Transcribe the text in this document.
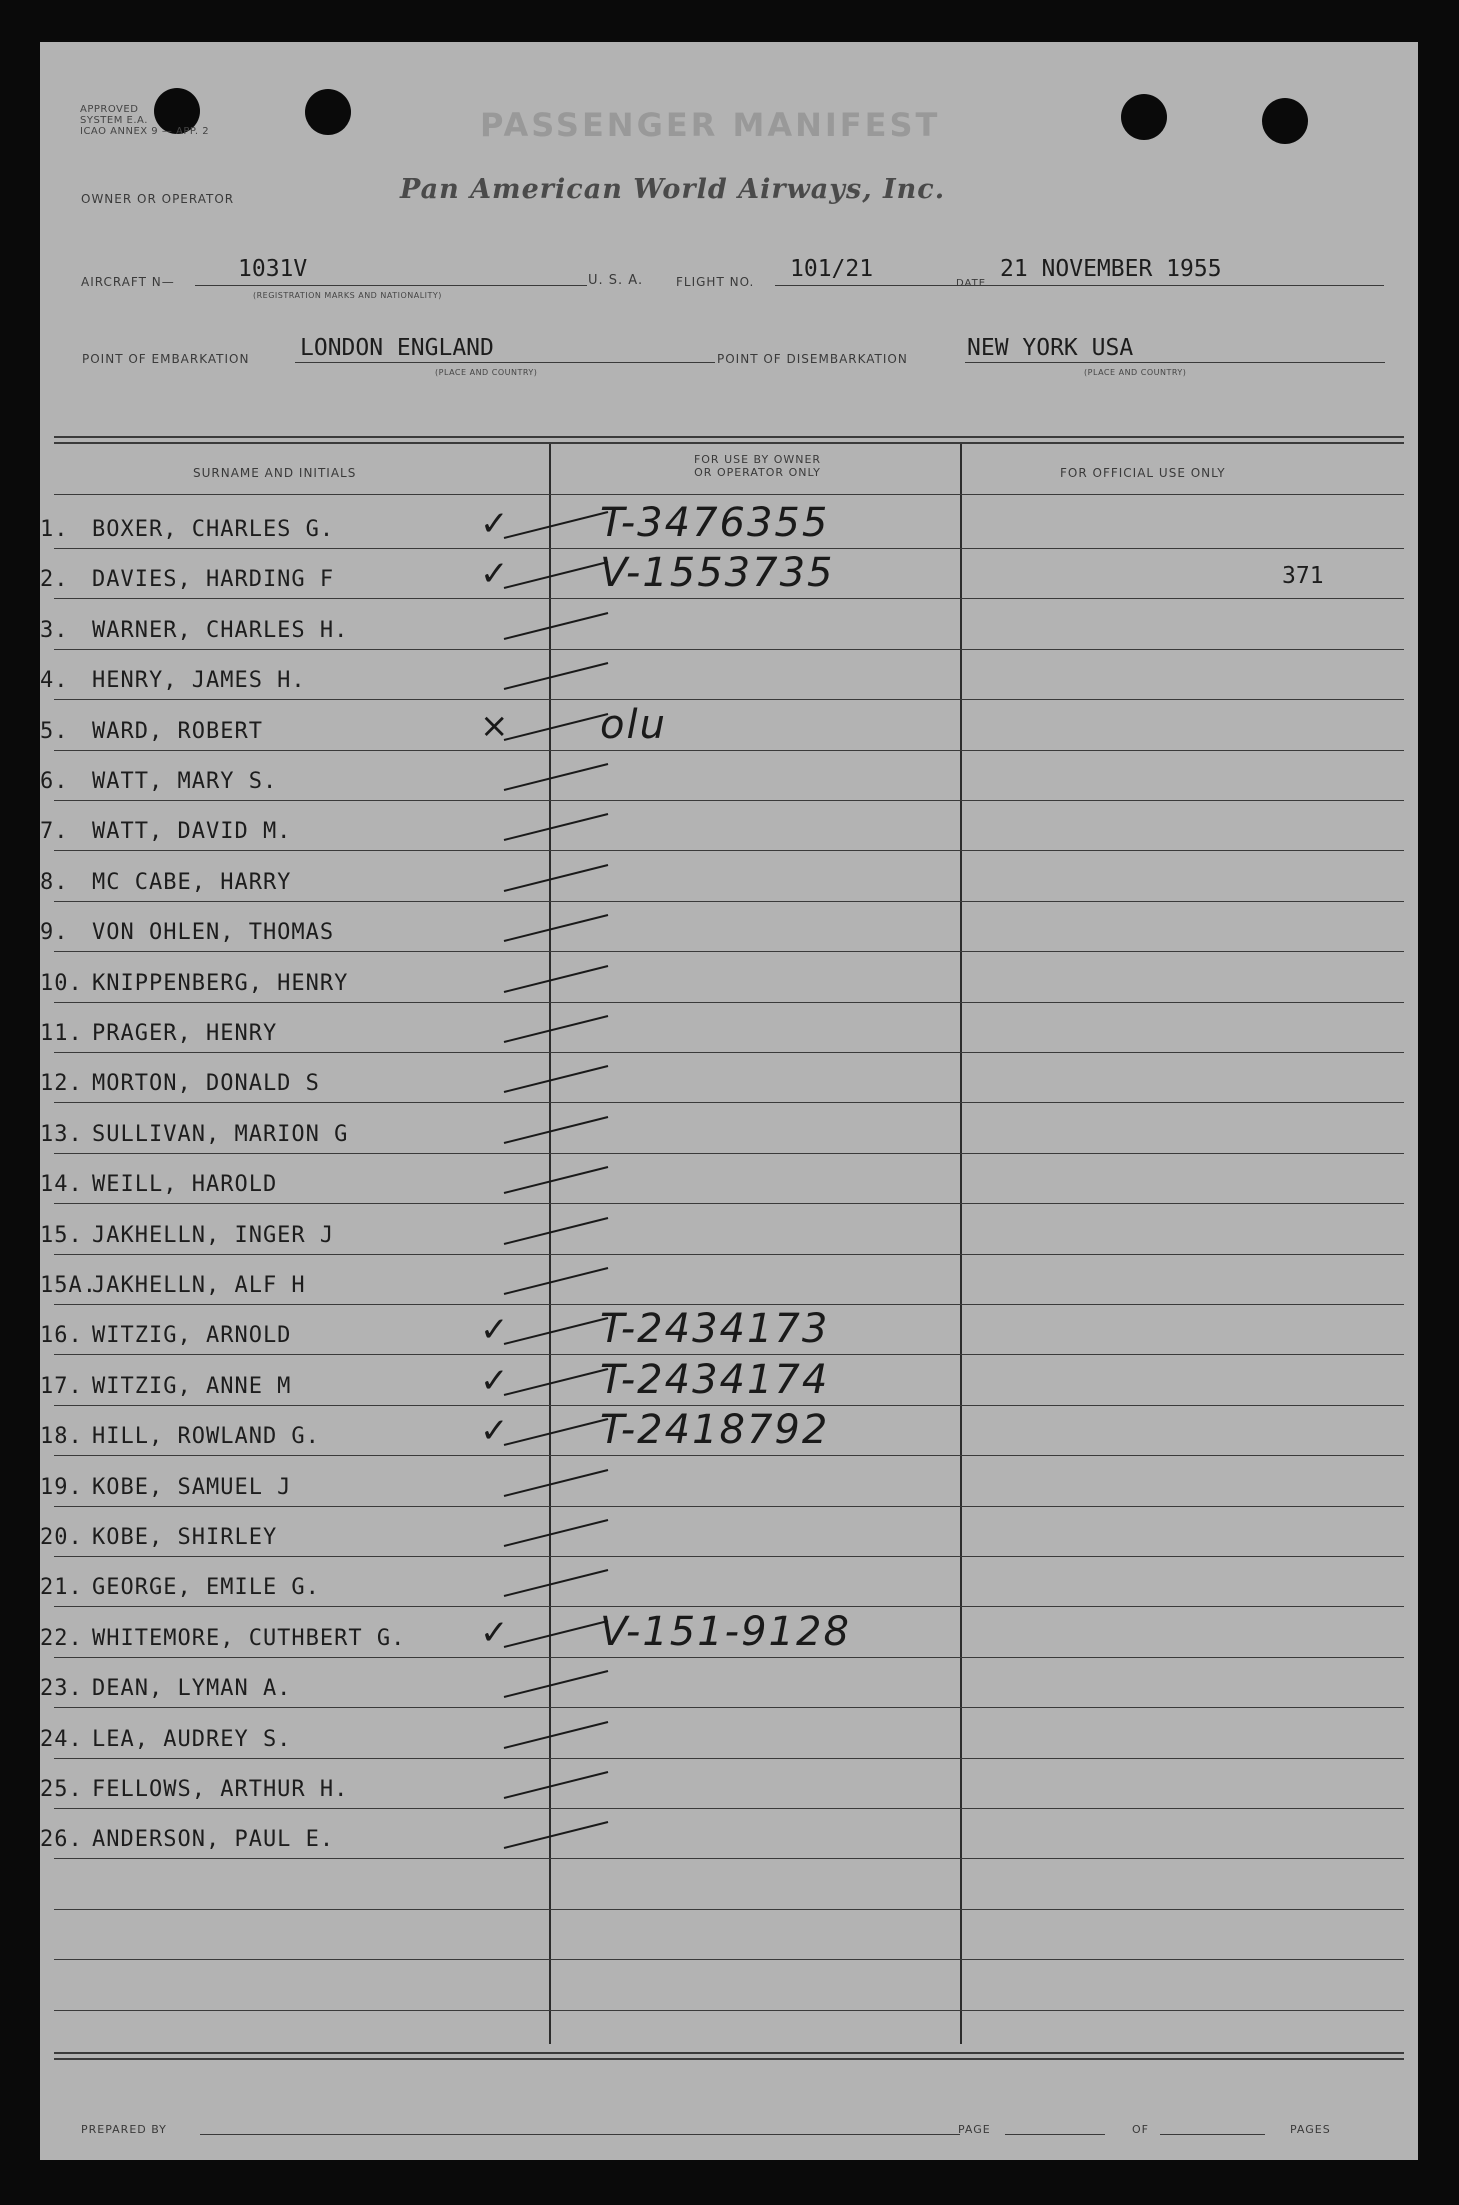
APPROVED
SYSTEM E.A.
ICAO ANNEX 9 — APP. 2	PASSENGER MANIFEST
OWNER OR OPERATOR	Pan American World Airways, Inc.
AIRCRAFT N—	1031V
(REGISTRATION MARKS AND NATIONALITY)
U. S. A.	FLIGHT NO. 101/21
DATE
21 NOVEMBER 1955
POINT OF EMBARKATION LONDON ENGLAND
(PLACE AND COUNTRY)
POINT OF DISEMBARKATION	NEW YORK USA
(PLACE AND COUNTRY)
SURNAME AND INITIALS
FOR USE BY OWNER
OR OPERATOR ONLY	FOR OFFICIAL USE ONLY
1. BOXER, CHARLES G.	✓ T-3476355
2. DAVIES, HARDING F	✓ V-1553735	371
3. WARNER, CHARLES H.
4. HENRY, JAMES H.
5. WARD, ROBERT	× olu
6. WATT, MARY S.
7. WATT, DAVID M.
8. MC CABE, HARRY
9. VON OHLEN, THOMAS
10. KNIPPENBERG, HENRY
11. PRAGER, HENRY
12. MORTON, DONALD S
13. SULLIVAN, MARION G
14. WEILL, HAROLD
15. JAKHELLN, INGER J
15A.JAKHELLN, ALF H
16. WITZIG, ARNOLD	✓ T-2434173
17. WITZIG, ANNE M	✓ T-2434174
18. HILL, ROWLAND G.	✓ T-2418792
19. KOBE, SAMUEL J
20. KOBE, SHIRLEY
21. GEORGE, EMILE G.
22. WHITEMORE, CUTHBERT G. ✓ V-151-9128
23. DEAN, LYMAN A.
24. LEA, AUDREY S.
25. FELLOWS, ARTHUR H.
26. ANDERSON, PAUL E.
PREPARED BY	PAGE	OF	PAGES
